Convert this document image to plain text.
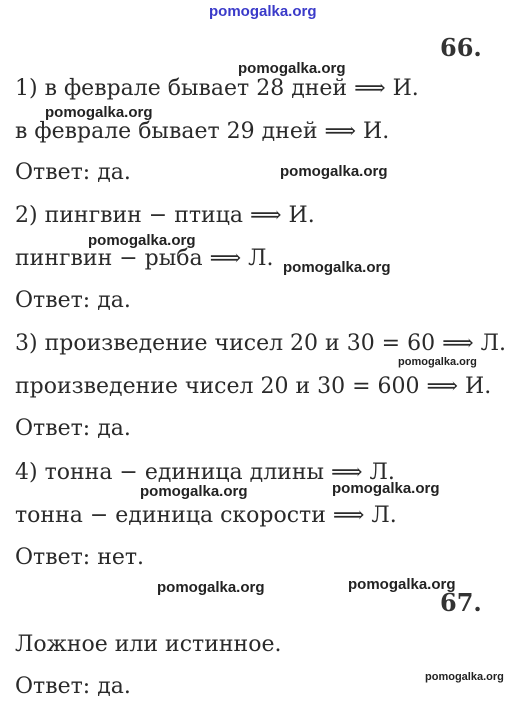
pomogalka.org
66.
1) в феврале бывает 28 дней ⟹ И.
в феврале бывает 29 дней ⟹ И.
Ответ: да.
2) пингвин − птица ⟹ И.
пингвин − рыба ⟹ Л.
Ответ: да.
3) произведение чисел 20 и 30 = 60 ⟹ Л.
произведение чисел 20 и 30 = 600 ⟹ И.
Ответ: да.
4) тонна − единица длины ⟹ Л.
тонна − единица скорости ⟹ Л.
Ответ: нет.
67.
Ложное или истинное.
Ответ: да.
pomogalka.org
pomogalka.org
pomogalka.org
pomogalka.org
pomogalka.org
pomogalka.org
pomogalka.org	pomogalka.org
pomogalka.org	pomogalka.org
pomogalka.org
